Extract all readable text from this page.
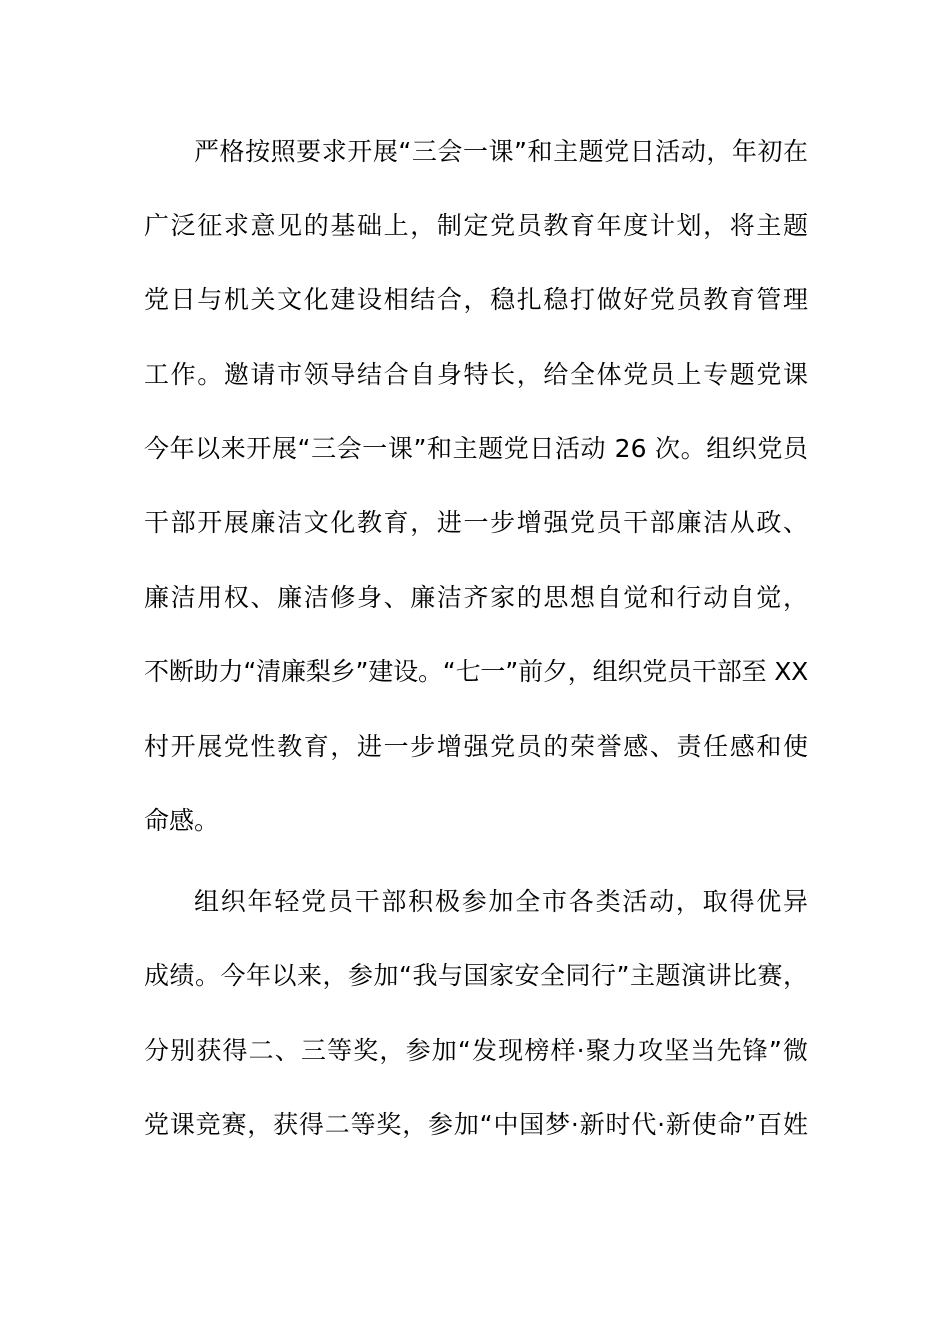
严格按照要求开展“三会一课”和主题党日活动，年初在
广泛征求意见的基础上，制定党员教育年度计划，将主题
党日与机关文化建设相结合，稳扎稳打做好党员教育管理
工作。邀请市领导结合自身特长，给全体党员上专题党课
今年以来开展“三会一课”和主题党日活动 26 次。组织党员
干部开展廉洁文化教育，进一步增强党员干部廉洁从政、
廉洁用权、廉洁修身、廉洁齐家的思想自觉和行动自觉，
不断助力“清廉梨乡”建设。“七一”前夕，组织党员干部至 XX
村开展党性教育，进一步增强党员的荣誉感、责任感和使
命感。
组织年轻党员干部积极参加全市各类活动，取得优异
成绩。今年以来，参加“我与国家安全同行”主题演讲比赛，
分别获得二、三等奖，参加“发现榜样·聚力攻坚当先锋”微
党课竞赛，获得二等奖，参加“中国梦·新时代·新使命”百姓
